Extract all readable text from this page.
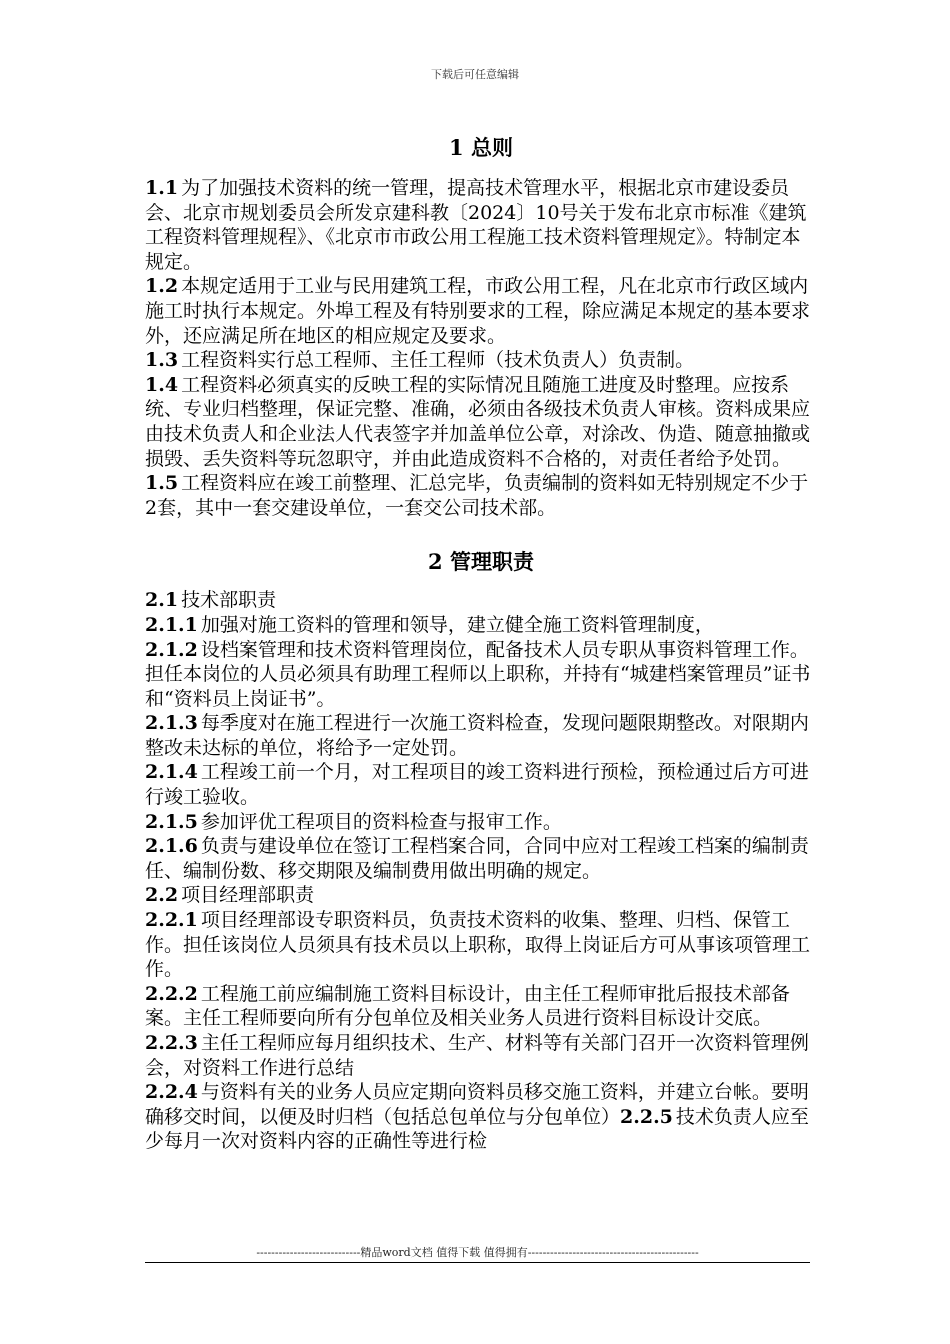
下载后可任意编辑
1 总则

1.1 为了加强技术资料的统一管理，提高技术管理水平，根据北京市建设委员会、北京市规划委员会所发京建科教〔2024〕10号关于发布北京市标准《建筑工程资料管理规程》、《北京市市政公用工程施工技术资料管理规定》。特制定本规定。

1.2 本规定适用于工业与民用建筑工程，市政公用工程，凡在北京市行政区域内施工时执行本规定。外埠工程及有特别要求的工程，除应满足本规定的基本要求外，还应满足所在地区的相应规定及要求。

1.3 工程资料实行总工程师、主任工程师（技术负责人）负责制。

1.4 工程资料必须真实的反映工程的实际情况且随施工进度及时整理。应按系统、专业归档整理，保证完整、准确，必须由各级技术负责人审核。资料成果应由技术负责人和企业法人代表签字并加盖单位公章，对涂改、伪造、随意抽撤或损毁、丢失资料等玩忽职守，并由此造成资料不合格的，对责任者给予处罚。

1.5 工程资料应在竣工前整理、汇总完毕，负责编制的资料如无特别规定不少于2套，其中一套交建设单位，一套交公司技术部。

2 管理职责

2.1 技术部职责

2.1.1 加强对施工资料的管理和领导，建立健全施工资料管理制度，

2.1.2 设档案管理和技术资料管理岗位，配备技术人员专职从事资料管理工作。担任本岗位的人员必须具有助理工程师以上职称，并持有“城建档案管理员”证书和“资料员上岗证书”。

2.1.3 每季度对在施工程进行一次施工资料检查，发现问题限期整改。对限期内整改未达标的单位，将给予一定处罚。

2.1.4 工程竣工前一个月，对工程项目的竣工资料进行预检，预检通过后方可进行竣工验收。

2.1.5 参加评优工程项目的资料检查与报审工作。

2.1.6 负责与建设单位在签订工程档案合同，合同中应对工程竣工档案的编制责任、编制份数、移交期限及编制费用做出明确的规定。

2.2 项目经理部职责

2.2.1 项目经理部设专职资料员，负责技术资料的收集、整理、归档、保管工作。担任该岗位人员须具有技术员以上职称，取得上岗证后方可从事该项管理工作。

2.2.2 工程施工前应编制施工资料目标设计，由主任工程师审批后报技术部备案。主任工程师要向所有分包单位及相关业务人员进行资料目标设计交底。

2.2.3 主任工程师应每月组织技术、生产、材料等有关部门召开一次资料管理例会，对资料工作进行总结

2.2.4 与资料有关的业务人员应定期向资料员移交施工资料，并建立台帐。要明确移交时间，以便及时归档（包括总包单位与分包单位）2.2.5 技术负责人应至少每月一次对资料内容的正确性等进行检

----------------------------精品word文档 值得下载 值得拥有----------------------------------------------
